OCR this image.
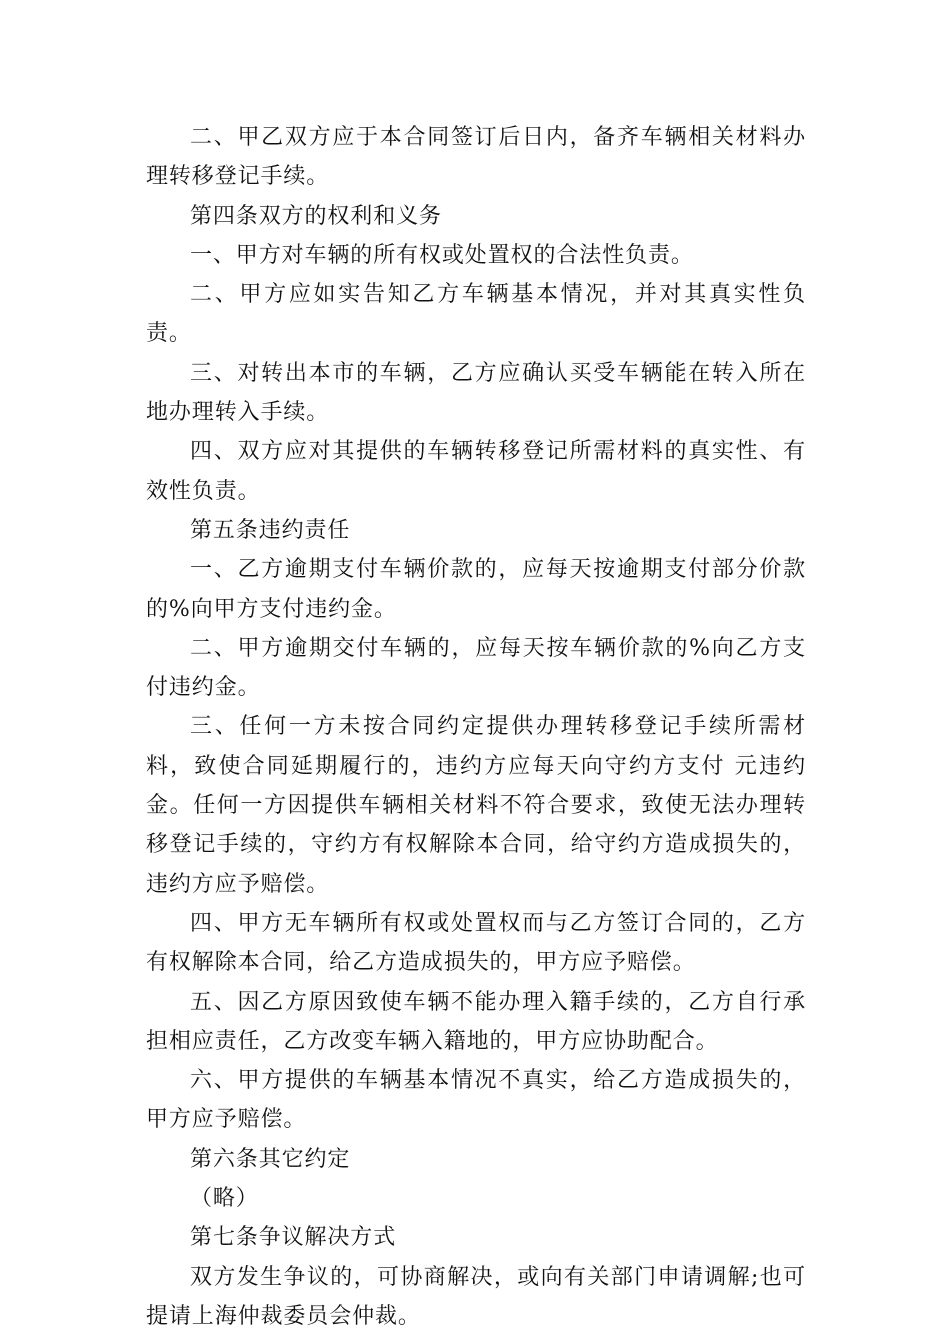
二、甲乙双方应于本合同签订后日内，备齐车辆相关材料办理转移登记手续。

第四条双方的权利和义务

一、甲方对车辆的所有权或处置权的合法性负责。

二、甲方应如实告知乙方车辆基本情况，并对其真实性负责。

三、对转出本市的车辆，乙方应确认买受车辆能在转入所在地办理转入手续。

四、双方应对其提供的车辆转移登记所需材料的真实性、有效性负责。

第五条违约责任

一、乙方逾期支付车辆价款的，应每天按逾期支付部分价款的%向甲方支付违约金。

二、甲方逾期交付车辆的，应每天按车辆价款的%向乙方支付违约金。

三、任何一方未按合同约定提供办理转移登记手续所需材料，致使合同延期履行的，违约方应每天向守约方支付 元违约金。任何一方因提供车辆相关材料不符合要求，致使无法办理转移登记手续的，守约方有权解除本合同，给守约方造成损失的，违约方应予赔偿。

四、甲方无车辆所有权或处置权而与乙方签订合同的，乙方有权解除本合同，给乙方造成损失的，甲方应予赔偿。

五、因乙方原因致使车辆不能办理入籍手续的，乙方自行承担相应责任，乙方改变车辆入籍地的，甲方应协助配合。

六、甲方提供的车辆基本情况不真实，给乙方造成损失的，甲方应予赔偿。

第六条其它约定

（略）

第七条争议解决方式

双方发生争议的，可协商解决，或向有关部门申请调解;也可提请上海仲裁委员会仲裁。
